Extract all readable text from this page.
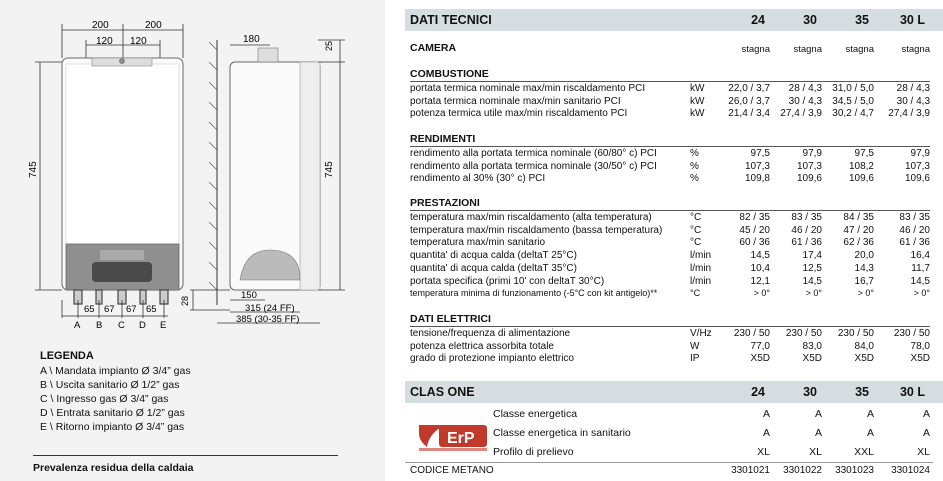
200	200
120 120
745
65 67 67 65
A B C D E
180
25
745
28	150
315 (24 FF)
385 (30-35 FF)
LEGENDA
A \ Mandata impianto Ø 3/4” gas
B \ Uscita sanitario Ø 1/2” gas
C \ Ingresso gas Ø 3/4” gas
D \ Entrata sanitario Ø 1/2” gas
E \ Ritorno impianto Ø 3/4” gas
Prevalenza residua della caldaia
DATI TECNICI	24	30	35	30 L
CAMERA	stagna	stagna	stagna	stagna
COMBUSTIONE
portata termica nominale max/min riscaldamento PCI	kW	22,0 / 3,7	28 / 4,3	31,0 / 5,0	28 / 4,3
portata termica nominale max/min sanitario PCI	kW	26,0 / 3,7	30 / 4,3	34,5 / 5,0	30 / 4,3
potenza termica utile max/min riscaldamento PCI	kW	21,4 / 3,4	27,4 / 3,9	30,2 / 4,7	27,4 / 3,9
RENDIMENTI
rendimento alla portata termica nominale (60/80° c) PCI	%	97,5	97,9	97,5	97,9
rendimento alla portata termica nominale (30/50° c) PCI	%	107,3	107,3	108,2	107,3
rendimento al 30% (30° c) PCI	%	109,8	109,6	109,6	109,6
PRESTAZIONI
temperatura max/min riscaldamento (alta temperatura)	°C	82 / 35	83 / 35	84 / 35	83 / 35
temperatura max/min riscaldamento (bassa temperatura)	°C	45 / 20	46 / 20	47 / 20	46 / 20
temperatura max/min sanitario	°C	60 / 36	61 / 36	62 / 36	61 / 36
quantita' di acqua calda (deltaT 25°C)	l/min	14,5	17,4	20,0	16,4
quantita' di acqua calda (deltaT 35°C)	l/min	10,4	12,5	14,3	11,7
portata specifica (primi 10' con deltaT 30°C)	l/min	12,1	14,5	16,7	14,5
temperatura minima di funzionamento (-5°C con kit antigelo)**	°C	> 0°	> 0°	> 0°	> 0°
DATI ELETTRICI
tensione/frequenza di alimentazione	V/Hz	230 / 50	230 / 50	230 / 50	230 / 50
potenza elettrica assorbita totale	W	77,0	83,0	84,0	78,0
grado di protezione impianto elettrico	IP	X5D	X5D	X5D	X5D
CLAS ONE	24	30	35	30 L
ErP
Classe energetica	A	A	A	A
Classe energetica in sanitario	A	A	A	A
Profilo di prelievo	XL	XL	XXL	XL
CODICE METANO	3301021	3301022	3301023	3301024
